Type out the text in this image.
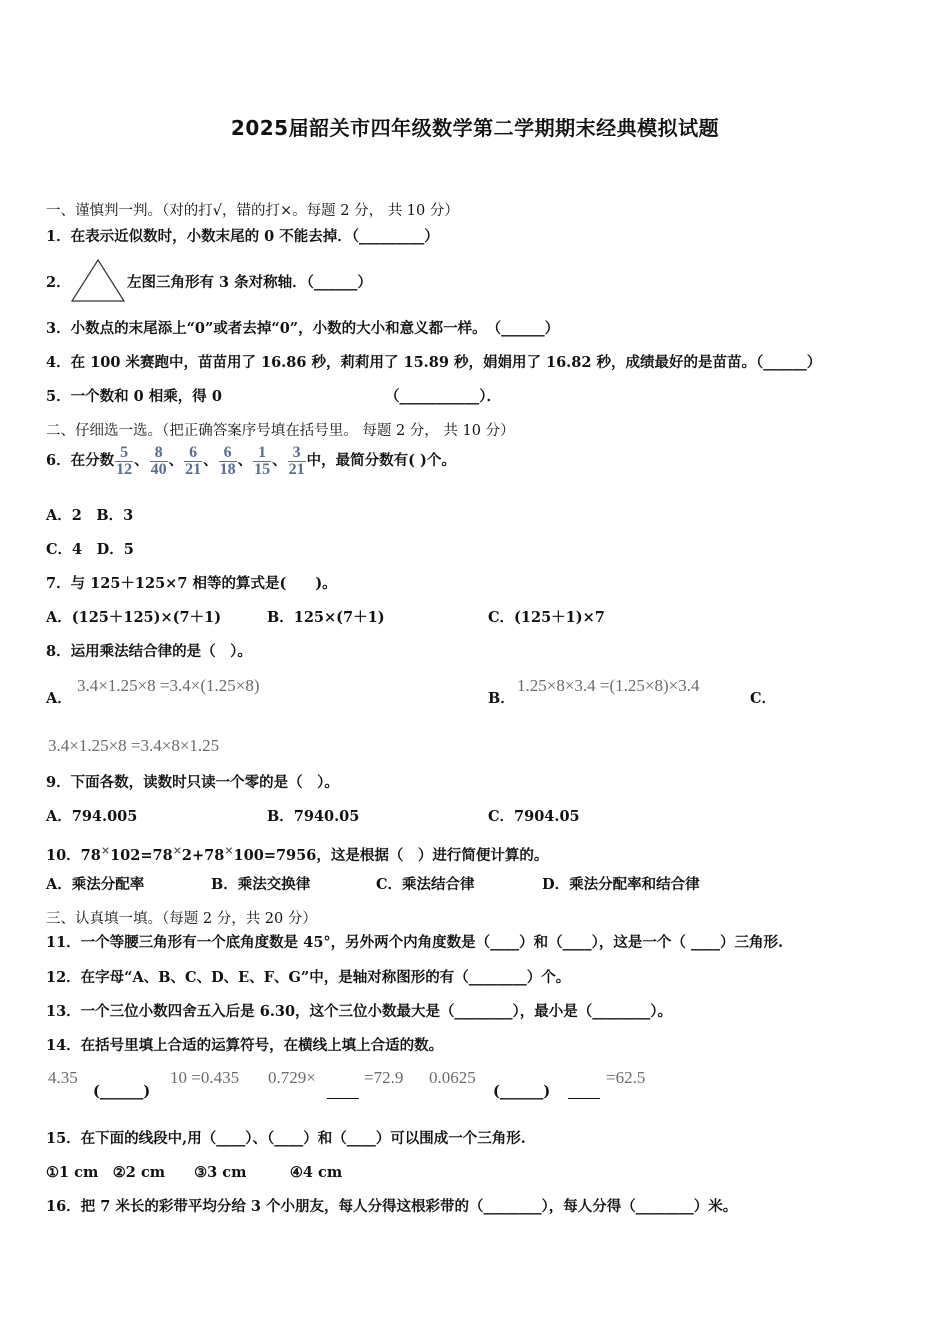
2025届韶关市四年级数学第二学期期末经典模拟试题
一、谨慎判一判。（对的打√，错的打×。每题 2 分， 共 10 分）
1．在表示近似数时，小数末尾的 0 不能去掉．（_________）
2．	左图三角形有 3 条对称轴．（______）
3．小数点的末尾添上“0”或者去掉“0”，小数的大小和意义都一样。　（______）
4．在 100 米赛跑中，苗苗用了 16.86 秒，莉莉用了 15.89 秒，娟娟用了 16.82 秒，成绩最好的是苗苗。（______）
5．一个数和 0 相乘，得 0	（___________）．
二、仔细选一选。（把正确答案序号填在括号里。 每题 2 分， 共 10 分）
6．在分数 $\frac{5}{12}$ 、 $\frac{8}{40}$ 、 $\frac{6}{21}$ 、 $\frac{6}{18}$ 、 $\frac{1}{15}$ 、 $\frac{3}{21}$ 中，最简分数有( )个。
A．2　B．3
C．4　D．5
7．与 125＋125×7 相等的算式是(　　)。
A．(125＋125)×(7＋1)	B．125×(7＋1)	C．(125＋1)×7
8．运用乘法结合律的是（　）。
A．
3.4×1.25×8 =3.4×(1.25×8)
B．
1.25×8×3.4 =(1.25×8)×3.4
C．
3.4×1.25×8 =3.4×8×1.25
9．下面各数，读数时只读一个零的是（　）。
A．794.005	B．7940.05	C．7904.05
10．78×102=78×2+78×100=7956，这是根据（　）进行简便计算的。
A．乘法分配率	B．乘法交换律	C．乘法结合律	D．乘法分配率和结合律
三、认真填一填。（每题 2 分，共 20 分）
11．一个等腰三角形有一个底角度数是 45°，另外两个内角度数是（____）和（____），这是一个（ ____）三角形.
12．在字母“A、B、C、D、E、F、G”中，是轴对称图形的有（________）个。
13．一个三位小数四舍五入后是 6.30，这个三位小数最大是（________），最小是（________）。
14．在括号里填上合适的运算符号，在横线上填上合适的数。
4.35
(______)
10 =0.435 0.729×	=72.9 0.0625
(______)
=62.5
15．在下面的线段中,用（____）、（____）和（____）可以围成一个三角形.
①1 cm　②2 cm　　③3 cm　　　④4 cm
16．把 7 米长的彩带平均分给 3 个小朋友，每人分得这根彩带的（________），每人分得（________）米。
